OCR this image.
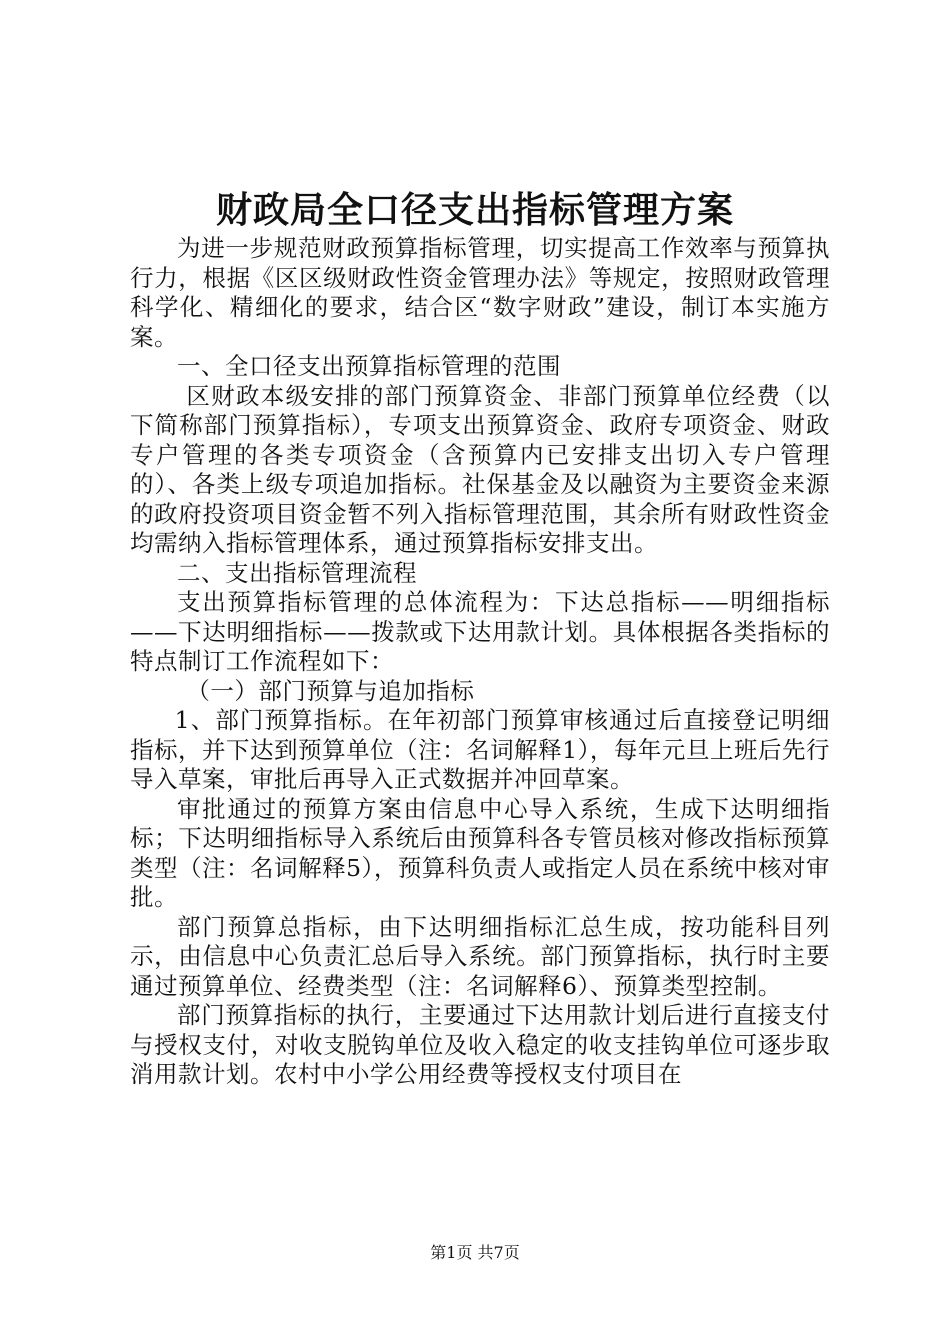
财政局全口径支出指标管理方案

为进一步规范财政预算指标管理，切实提高工作效率与预算执行力，根据《区区级财政性资金管理办法》等规定，按照财政管理科学化、精细化的要求，结合区“数字财政”建设，制订本实施方案。

一、全口径支出预算指标管理的范围

区财政本级安排的部门预算资金、非部门预算单位经费（以下简称部门预算指标），专项支出预算资金、政府专项资金、财政专户管理的各类专项资金（含预算内已安排支出切入专户管理的）、各类上级专项追加指标。社保基金及以融资为主要资金来源的政府投资项目资金暂不列入指标管理范围，其余所有财政性资金均需纳入指标管理体系，通过预算指标安排支出。

二、支出指标管理流程

支出预算指标管理的总体流程为：下达总指标——明细指标——下达明细指标——拨款或下达用款计划。具体根据各类指标的特点制订工作流程如下：

（一）部门预算与追加指标

1、部门预算指标。在年初部门预算审核通过后直接登记明细指标，并下达到预算单位（注：名词解释1），每年元旦上班后先行导入草案，审批后再导入正式数据并冲回草案。

审批通过的预算方案由信息中心导入系统，生成下达明细指标；下达明细指标导入系统后由预算科各专管员核对修改指标预算类型（注：名词解释5），预算科负责人或指定人员在系统中核对审批。

部门预算总指标，由下达明细指标汇总生成，按功能科目列示，由信息中心负责汇总后导入系统。部门预算指标，执行时主要通过预算单位、经费类型（注：名词解释6）、预算类型控制。

部门预算指标的执行，主要通过下达用款计划后进行直接支付与授权支付，对收支脱钩单位及收入稳定的收支挂钩单位可逐步取消用款计划。农村中小学公用经费等授权支付项目在

第1页 共7页
